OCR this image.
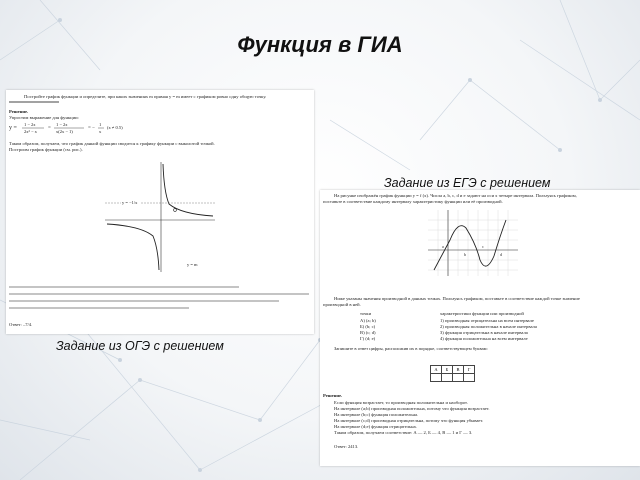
Функция в ГИА
Постройте график функции и определите, при каких значениях m прямая y = m имеет с графиком ровно одну общую точку.
Решение.
Упростим выражение для функции:
y =
1 − 2x
2x² − x
=
1 − 2x
x(2x − 1)
= −
1
x
(x ≠ 0.5)
Таким образом, получаем, что график данной функции сводится к графику функции с выколотой точкой.
Построим график функции (см. рис.).
y = −1/x
y = m
Ответ: –7/4.
Задание из ОГЭ с решением
Задание из ЕГЭ с решением
На рисунке изображён график функции y = f (x). Числа a, b, c, d и e задают на оси x четыре интервала. Пользуясь графиком,
поставьте в соответствие каждому интервалу характеристику функции или её производной.
a
b
c
d
Ниже указаны значения производной в данных точках. Пользуясь графиком, поставьте в соответствие каждой точке значение
производной в ней.
точки	характеристики функции или производной
А) (a; b)	1) производная отрицательна на всем интервале
Б) (b; c)	2) производная положительна в начале интервала
В) (c; d)	3) функция отрицательна в начале интервала
Г) (d; e)	4) функция положительна на всем интервале
Запишите в ответ цифры, расположив их в порядке, соответствующем буквам:
А	Б	В	Г

Решение.
Если функция возрастает, то производная положительна и наоборот.
На интервале (a;b) производная положительна, потому что функция возрастает.
На интервале (b;c) функция положительна.
На интервале (c;d) производная отрицательна, потому что функция убывает.
На интервале (d;e) функция отрицательна.
Таким образом, получаем соответствие: А — 2, Б — 4, В — 1 и Г — 3.
Ответ: 2413.
